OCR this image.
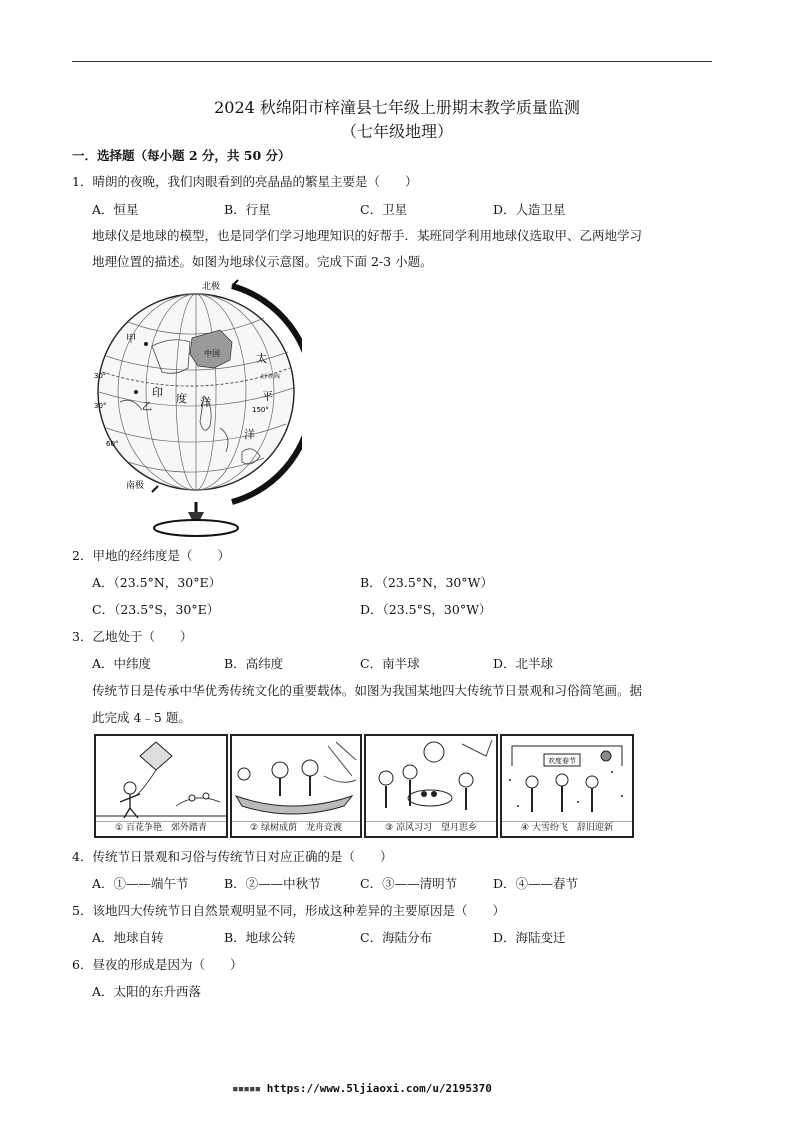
2024 秋绵阳市梓潼县七年级上册期末教学质量监测
（七年级地理）
一．选择题（每小题 2 分，共 50 分）
1．晴朗的夜晚，我们肉眼看到的亮晶晶的繁星主要是（　　）
A．恒星	B．行星	C．卫星	D．人造卫星
地球仪是地球的模型，也是同学们学习地理知识的好帮手．某班同学利用地球仪选取甲、乙两地学习
地理位置的描述。如图为地球仪示意图。完成下面 2-3 小题。
北极
南极
中国
甲
乙
印 度 洋
太
平
洋
30°
30°
60°
150°
北回归线
2．甲地的经纬度是（　　）
A．（23.5°N，30°E）	B．（23.5°N，30°W）
C．（23.5°S，30°E）	D．（23.5°S，30°W）
3．乙地处于（　　）
A．中纬度	B．高纬度	C．南半球	D．北半球
传统节日是传承中华优秀传统文化的重要载体。如图为我国某地四大传统节日景观和习俗简笔画。据
此完成 4﹣5 题。
① 百花争艳　郊外踏青	② 绿树成荫　龙舟竞渡	③ 凉风习习　望月思乡
欢度春节
④ 大雪纷飞　辞旧迎新
4．传统节日景观和习俗与传统节日对应正确的是（　　）
A．①——端午节	B．②——中秋节	C．③——清明节	D．④——春节
5．该地四大传统节日自然景观明显不同，形成这种差异的主要原因是（　　）
A．地球自转	B．地球公转	C．海陆分布	D．海陆变迁
6．昼夜的形成是因为（　　）
A．太阳的东升西落
▪▪▪▪▪ https://www.5ljiaoxi.com/u/2195370
